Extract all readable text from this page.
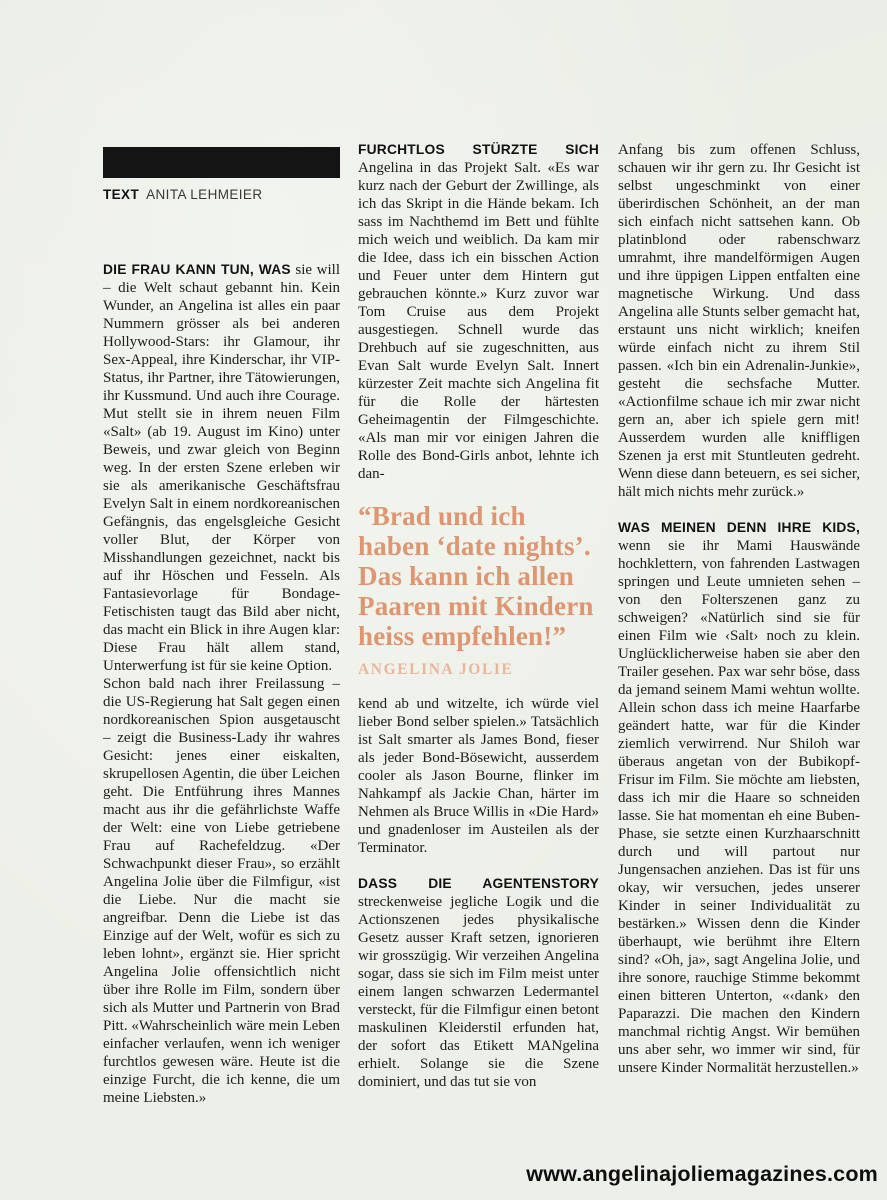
TEXT ANITA LEHMEIER

DIE FRAU KANN TUN, WAS sie will – die Welt schaut gebannt hin. Kein Wunder, an Angelina ist alles ein paar Nummern grösser als bei anderen Hollywood-Stars: ihr Glamour, ihr Sex-Appeal, ihre Kinderschar, ihr VIP-Status, ihr Partner, ihre Tätowierungen, ihr Kussmund. Und auch ihre Courage. Mut stellt sie in ihrem neuen Film «Salt» (ab 19. August im Kino) unter Beweis, und zwar gleich von Beginn weg. In der ersten Szene erleben wir sie als amerikanische Geschäftsfrau Evelyn Salt in einem nordkoreanischen Gefängnis, das engelsgleiche Gesicht voller Blut, der Körper von Misshandlungen gezeichnet, nackt bis auf ihr Höschen und Fesseln. Als Fantasievorlage für Bondage-Fetischisten taugt das Bild aber nicht, das macht ein Blick in ihre Augen klar: Diese Frau hält allem stand, Unterwerfung ist für sie keine Option.

Schon bald nach ihrer Freilassung – die US-Regierung hat Salt gegen einen nordkoreanischen Spion ausgetauscht – zeigt die Business-Lady ihr wahres Gesicht: jenes einer eiskalten, skrupellosen Agentin, die über Leichen geht. Die Entführung ihres Mannes macht aus ihr die gefährlichste Waffe der Welt: eine von Liebe getriebene Frau auf Rachefeldzug. «Der Schwachpunkt dieser Frau», so erzählt Angelina Jolie über die Filmfigur, «ist die Liebe. Nur die macht sie angreifbar. Denn die Liebe ist das Einzige auf der Welt, wofür es sich zu leben lohnt», ergänzt sie. Hier spricht Angelina Jolie offensichtlich nicht über ihre Rolle im Film, sondern über sich als Mutter und Partnerin von Brad Pitt. «Wahrscheinlich wäre mein Leben einfacher verlaufen, wenn ich weniger furchtlos gewesen wäre. Heute ist die einzige Furcht, die ich kenne, die um meine Liebsten.»

FURCHTLOS STÜRZTE SICH Angelina in das Projekt Salt. «Es war kurz nach der Geburt der Zwillinge, als ich das Skript in die Hände bekam. Ich sass im Nachthemd im Bett und fühlte mich weich und weiblich. Da kam mir die Idee, dass ich ein bisschen Action und Feuer unter dem Hintern gut gebrauchen könnte.» Kurz zuvor war Tom Cruise aus dem Projekt ausgestiegen. Schnell wurde das Drehbuch auf sie zugeschnitten, aus Evan Salt wurde Evelyn Salt. Innert kürzester Zeit machte sich Angelina fit für die Rolle der härtesten Geheimagentin der Filmgeschichte. «Als man mir vor einigen Jahren die Rolle des Bond-Girls anbot, lehnte ich dan-

“Brad und ich haben ‘date nights’. Das kann ich allen Paaren mit Kindern heiss empfehlen!”
ANGELINA JOLIE

kend ab und witzelte, ich würde viel lieber Bond selber spielen.» Tatsächlich ist Salt smarter als James Bond, fieser als jeder Bond-Bösewicht, ausserdem cooler als Jason Bourne, flinker im Nahkampf als Jackie Chan, härter im Nehmen als Bruce Willis in «Die Hard» und gnadenloser im Austeilen als der Terminator.

DASS DIE AGENTENSTORY streckenweise jegliche Logik und die Actionszenen jedes physikalische Gesetz ausser Kraft setzen, ignorieren wir grosszügig. Wir verzeihen Angelina sogar, dass sie sich im Film meist unter einem langen schwarzen Ledermantel versteckt, für die Filmfigur einen betont maskulinen Kleiderstil erfunden hat, der sofort das Etikett MANgelina erhielt. Solange sie die Szene dominiert, und das tut sie von

Anfang bis zum offenen Schluss, schauen wir ihr gern zu. Ihr Gesicht ist selbst ungeschminkt von einer überirdischen Schönheit, an der man sich einfach nicht sattsehen kann. Ob platinblond oder rabenschwarz umrahmt, ihre mandelförmigen Augen und ihre üppigen Lippen entfalten eine magnetische Wirkung. Und dass Angelina alle Stunts selber gemacht hat, erstaunt uns nicht wirklich; kneifen würde einfach nicht zu ihrem Stil passen. «Ich bin ein Adrenalin-Junkie», gesteht die sechsfache Mutter. «Actionfilme schaue ich mir zwar nicht gern an, aber ich spiele gern mit! Ausserdem wurden alle kniffligen Szenen ja erst mit Stuntleuten gedreht. Wenn diese dann beteuern, es sei sicher, hält mich nichts mehr zurück.»

WAS MEINEN DENN IHRE KIDS, wenn sie ihr Mami Hauswände hochklettern, von fahrenden Lastwagen springen und Leute umnieten sehen – von den Folterszenen ganz zu schweigen? «Natürlich sind sie für einen Film wie ‹Salt› noch zu klein. Unglücklicherweise haben sie aber den Trailer gesehen. Pax war sehr böse, dass da jemand seinem Mami wehtun wollte. Allein schon dass ich meine Haarfarbe geändert hatte, war für die Kinder ziemlich verwirrend. Nur Shiloh war überaus angetan von der Bubikopf-Frisur im Film. Sie möchte am liebsten, dass ich mir die Haare so schneiden lasse. Sie hat momentan eh eine Buben-Phase, sie setzte einen Kurzhaarschnitt durch und will partout nur Jungensachen anziehen. Das ist für uns okay, wir versuchen, jedes unserer Kinder in seiner Individualität zu bestärken.» Wissen denn die Kinder überhaupt, wie berühmt ihre Eltern sind? «Oh, ja», sagt Angelina Jolie, und ihre sonore, rauchige Stimme bekommt einen bitteren Unterton, «‹dank› den Paparazzi. Die machen den Kindern manchmal richtig Angst. Wir bemühen uns aber sehr, wo immer wir sind, für unsere Kinder Normalität herzustellen.»

www.angelinajoliemagazines.com
